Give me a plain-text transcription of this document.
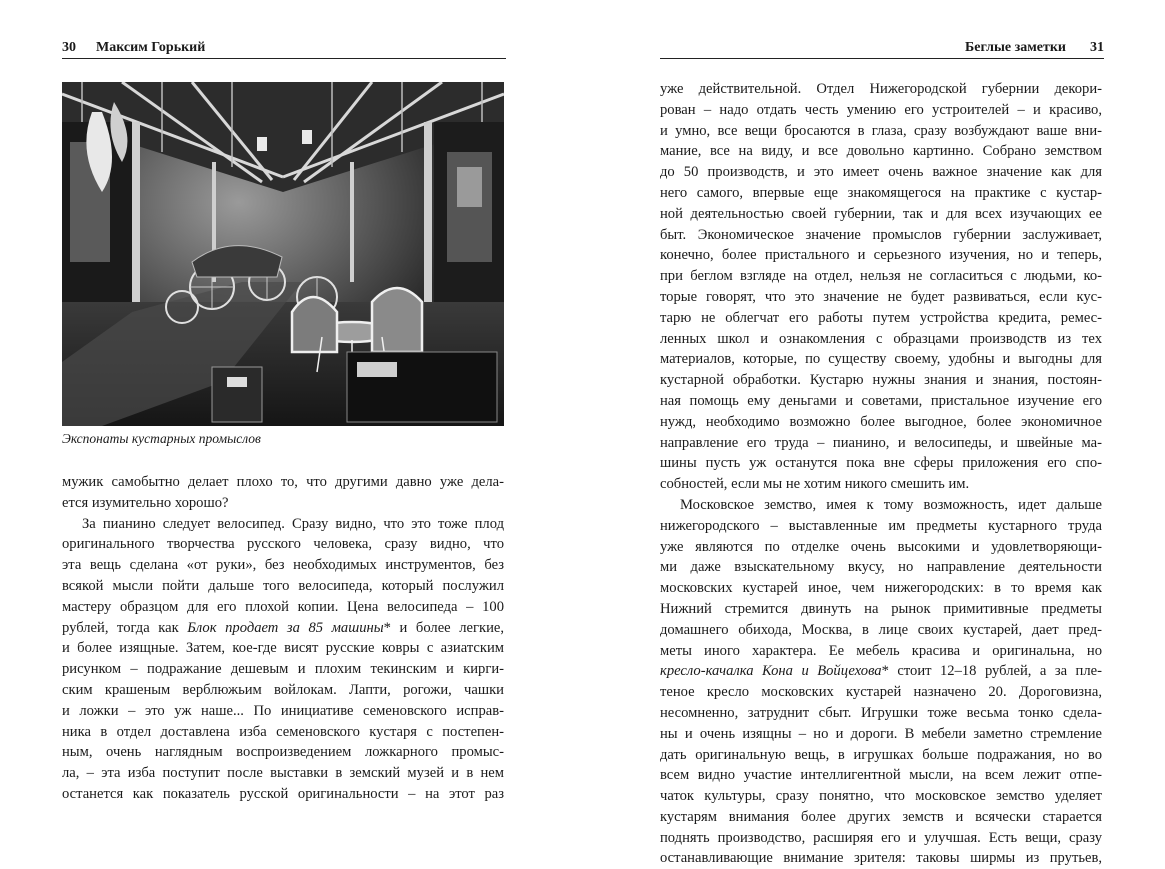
30 Максим Горький
Экспонаты кустарных промыслов
мужик самобытно делает плохо то, что другими давно уже дела-
ется изумительно хорошо?
За пианино следует велосипед. Сразу видно, что это тоже плод
оригинального творчества русского человека, сразу видно, что
эта вещь сделана «от руки», без необходимых инструментов, без
всякой мысли пойти дальше того велосипеда, который послужил
мастеру образцом для его плохой копии. Цена велосипеда – 100
рублей, тогда как Блок продает за 85 машины* и более легкие,
и более изящные. Затем, кое-где висят русские ковры с азиатским
рисунком – подражание дешевым и плохим текинским и кирги-
ским крашеным верблюжьим войлокам. Лапти, рогожи, чашки
и ложки – это уж наше... По инициативе семеновского исправ-
ника в отдел доставлена изба семеновского кустаря с постепен-
ным, очень наглядным воспроизведением ложкарного промыс-
ла, – эта изба поступит после выставки в земский музей и в нем
останется как показатель русской оригинальности – на этот раз
Беглые заметки 31
уже действительной. Отдел Нижегородской губернии декори-
рован – надо отдать честь умению его устроителей – и красиво,
и умно, все вещи бросаются в глаза, сразу возбуждают ваше вни-
мание, все на виду, и все довольно картинно. Собрано земством
до 50 производств, и это имеет очень важное значение как для
него самого, впервые еще знакомящегося на практике с кустар-
ной деятельностью своей губернии, так и для всех изучающих ее
быт. Экономическое значение промыслов губернии заслуживает,
конечно, более пристального и серьезного изучения, но и теперь,
при беглом взгляде на отдел, нельзя не согласиться с людьми, ко-
торые говорят, что это значение не будет развиваться, если кус-
тарю не облегчат его работы путем устройства кредита, ремес-
ленных школ и ознакомления с образцами производств из тех
материалов, которые, по существу своему, удобны и выгодны для
кустарной обработки. Кустарю нужны знания и знания, постоян-
ная помощь ему деньгами и советами, пристальное изучение его
нужд, необходимо возможно более выгодное, более экономичное
направление его труда – пианино, и велосипеды, и швейные ма-
шины пусть уж останутся пока вне сферы приложения его спо-
собностей, если мы не хотим никого смешить им.
Московское земство, имея к тому возможность, идет дальше
нижегородского – выставленные им предметы кустарного труда
уже являются по отделке очень высокими и удовлетворяющи-
ми даже взыскательному вкусу, но направление деятельности
московских кустарей иное, чем нижегородских: в то время как
Нижний стремится двинуть на рынок примитивные предметы
домашнего обихода, Москва, в лице своих кустарей, дает пред-
меты иного характера. Ее мебель красива и оригинальна, но
кресло-качалка Кона и Войцехова* стоит 12–18 рублей, а за пле-
теное кресло московских кустарей назначено 20. Дороговизна,
несомненно, затруднит сбыт. Игрушки тоже весьма тонко сдела-
ны и очень изящны – но и дороги. В мебели заметно стремление
дать оригинальную вещь, в игрушках больше подражания, но во
всем видно участие интеллигентной мысли, на всем лежит отпе-
чаток культуры, сразу понятно, что московское земство уделяет
кустарям внимания более других земств и всячески старается
поднять производство, расширяя его и улучшая. Есть вещи, сразу
останавливающие внимание зрителя: таковы ширмы из прутьев,
